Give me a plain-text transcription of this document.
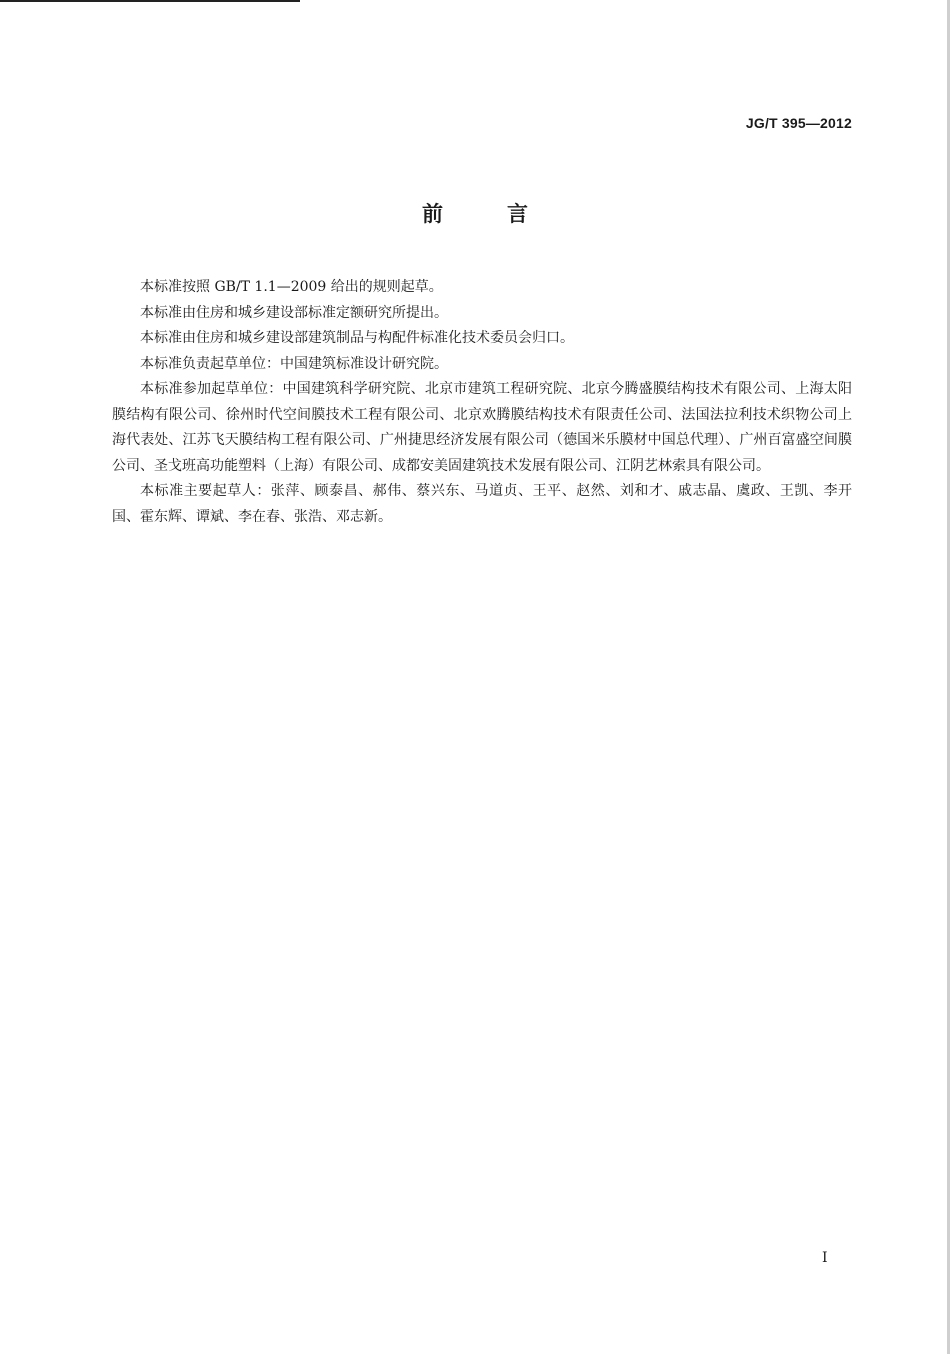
JG/T 395—2012
前言

本标准按照 GB/T 1.1—2009 给出的规则起草。

本标准由住房和城乡建设部标准定额研究所提出。

本标准由住房和城乡建设部建筑制品与构配件标准化技术委员会归口。

本标准负责起草单位：中国建筑标准设计研究院。

本标准参加起草单位：中国建筑科学研究院、北京市建筑工程研究院、北京今腾盛膜结构技术有限公司、上海太阳膜结构有限公司、徐州时代空间膜技术工程有限公司、北京欢腾膜结构技术有限责任公司、法国法拉利技术织物公司上海代表处、江苏飞天膜结构工程有限公司、广州捷思经济发展有限公司（德国米乐膜材中国总代理）、广州百富盛空间膜公司、圣戈班高功能塑料（上海）有限公司、成都安美固建筑技术发展有限公司、江阴艺林索具有限公司。

本标准主要起草人：张萍、顾泰昌、郝伟、蔡兴东、马道贞、王平、赵然、刘和才、戚志晶、虞政、王凯、李开国、霍东辉、谭斌、李在春、张浩、邓志新。

I
